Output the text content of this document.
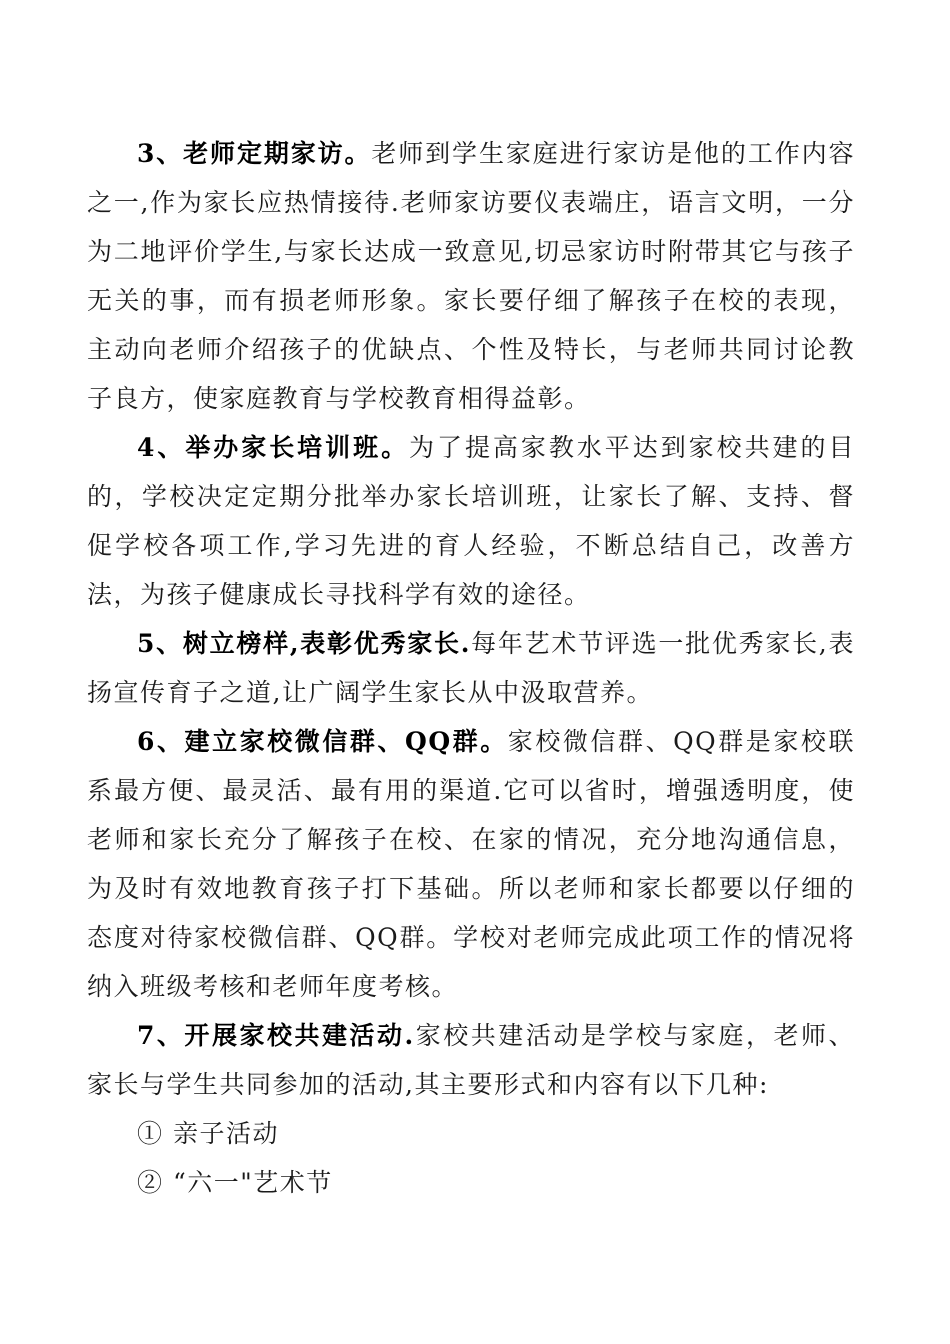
3、老师定期家访。老师到学生家庭进行家访是他的工作内容之一,作为家长应热情接待.老师家访要仪表端庄，语言文明，一分为二地评价学生,与家长达成一致意见,切忌家访时附带其它与孩子无关的事，而有损老师形象。家长要仔细了解孩子在校的表现，主动向老师介绍孩子的优缺点、个性及特长，与老师共同讨论教子良方，使家庭教育与学校教育相得益彰。

4、举办家长培训班。为了提高家教水平达到家校共建的目的，学校决定定期分批举办家长培训班，让家长了解、支持、督促学校各项工作,学习先进的育人经验，不断总结自己，改善方法，为孩子健康成长寻找科学有效的途径。

5、树立榜样,表彰优秀家长.每年艺术节评选一批优秀家长,表扬宣传育子之道,让广阔学生家长从中汲取营养。

6、建立家校微信群、QQ群。家校微信群、QQ群是家校联系最方便、最灵活、最有用的渠道.它可以省时，增强透明度，使老师和家长充分了解孩子在校、在家的情况，充分地沟通信息，为及时有效地教育孩子打下基础。所以老师和家长都要以仔细的态度对待家校微信群、QQ群。学校对老师完成此项工作的情况将纳入班级考核和老师年度考核。

7、开展家校共建活动.家校共建活动是学校与家庭，老师、家长与学生共同参加的活动,其主要形式和内容有以下几种:

① 亲子活动

② “六一"艺术节
